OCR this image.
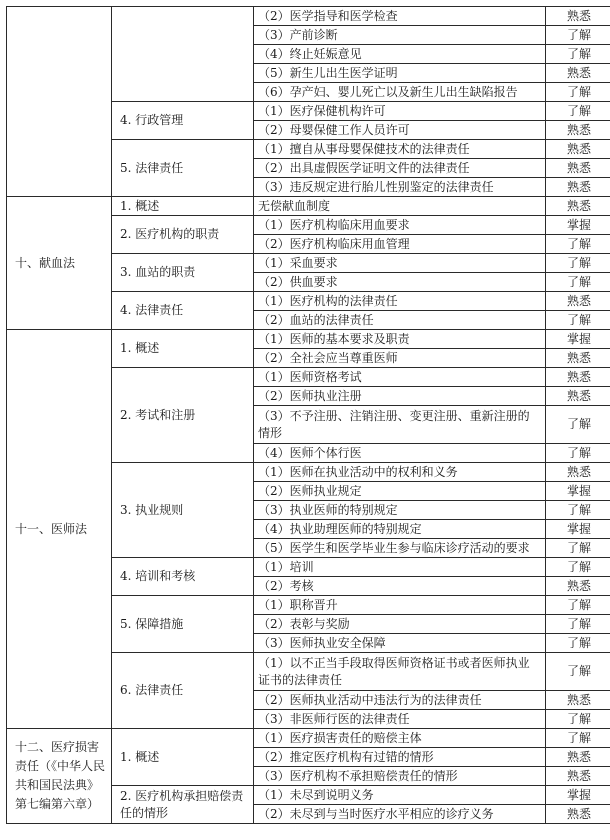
		（2）医学指导和医学检查	熟悉
		（3）产前诊断	了解
		（4）终止妊娠意见	了解
		（5）新生儿出生医学证明	熟悉
		（6）孕产妇、婴儿死亡以及新生儿出生缺陷报告	了解
	4. 行政管理	（1）医疗保健机构许可	了解
		（2）母婴保健工作人员许可	熟悉
	5. 法律责任	（1）擅自从事母婴保健技术的法律责任	熟悉
		（2）出具虚假医学证明文件的法律责任	熟悉
		（3）违反规定进行胎儿性别鉴定的法律责任	熟悉
十、献血法	1. 概述	无偿献血制度	熟悉
	2. 医疗机构的职责	（1）医疗机构临床用血要求	掌握
		（2）医疗机构临床用血管理	了解
	3. 血站的职责	（1）采血要求	了解
		（2）供血要求	了解
	4. 法律责任	（1）医疗机构的法律责任	熟悉
		（2）血站的法律责任	了解
十一、医师法	1. 概述	（1）医师的基本要求及职责	掌握
		（2）全社会应当尊重医师	熟悉
	2. 考试和注册	（1）医师资格考试	熟悉
		（2）医师执业注册	熟悉
		（3）不予注册、注销注册、变更注册、重新注册的情形	了解
		（4）医师个体行医	了解
	3. 执业规则	（1）医师在执业活动中的权利和义务	熟悉
		（2）医师执业规定	掌握
		（3）执业医师的特别规定	了解
		（4）执业助理医师的特别规定	掌握
		（5）医学生和医学毕业生参与临床诊疗活动的要求	了解
	4. 培训和考核	（1）培训	了解
		（2）考核	熟悉
	5. 保障措施	（1）职称晋升	了解
		（2）表彰与奖励	了解
		（3）医师执业安全保障	了解
	6. 法律责任	（1）以不正当手段取得医师资格证书或者医师执业证书的法律责任	了解
		（2）医师执业活动中违法行为的法律责任	熟悉
		（3）非医师行医的法律责任	了解
十二、医疗损害责任（《中华人民共和国民法典》第七编第六章）	1. 概述	（1）医疗损害责任的赔偿主体	了解
		（2）推定医疗机构有过错的情形	熟悉
		（3）医疗机构不承担赔偿责任的情形	熟悉
	2. 医疗机构承担赔偿责任的情形	（1）未尽到说明义务	掌握
		（2）未尽到与当时医疗水平相应的诊疗义务	熟悉
